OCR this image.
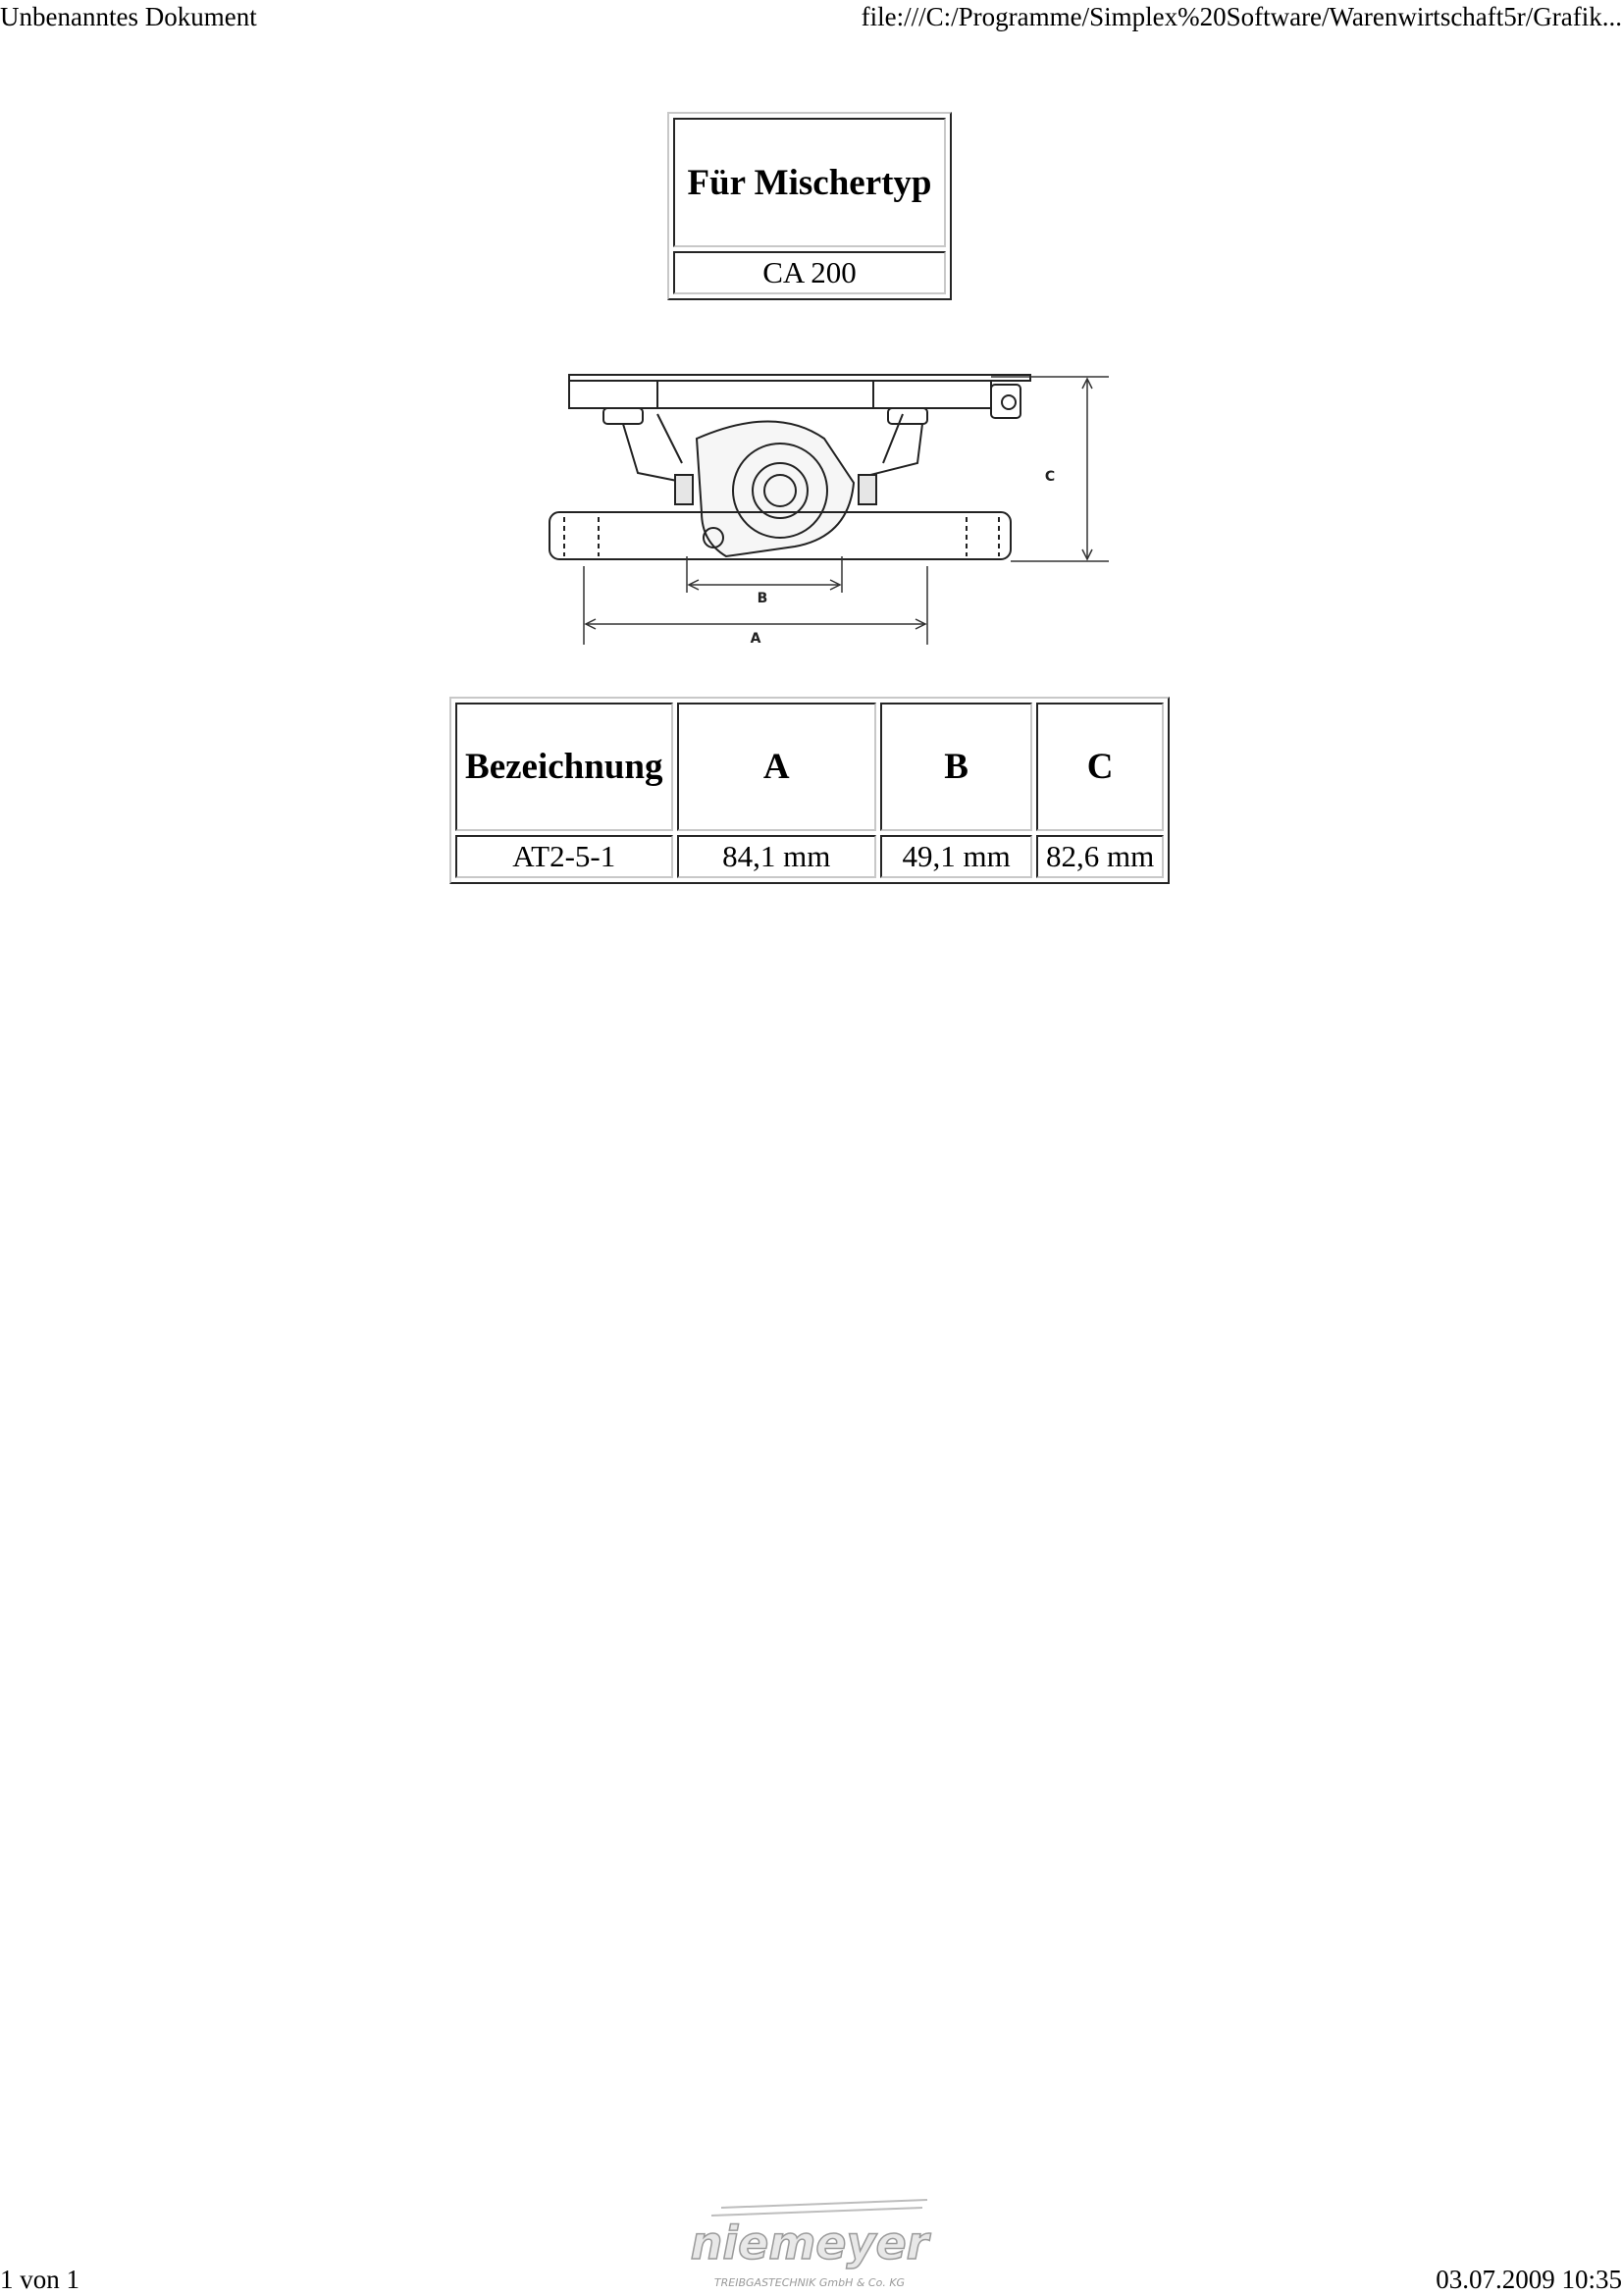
Unbenanntes Dokument	file:///C:/Programme/Simplex%20Software/Warenwirtschaft5r/Grafik...
Für Mischertyp
CA 200
C
B
A
Bezeichnung	A	B	C
AT2-5-1	84,1 mm	49,1 mm	82,6 mm
niemeyer
TREIBGASTECHNIK GmbH & Co. KG
1 von 1	03.07.2009 10:35
